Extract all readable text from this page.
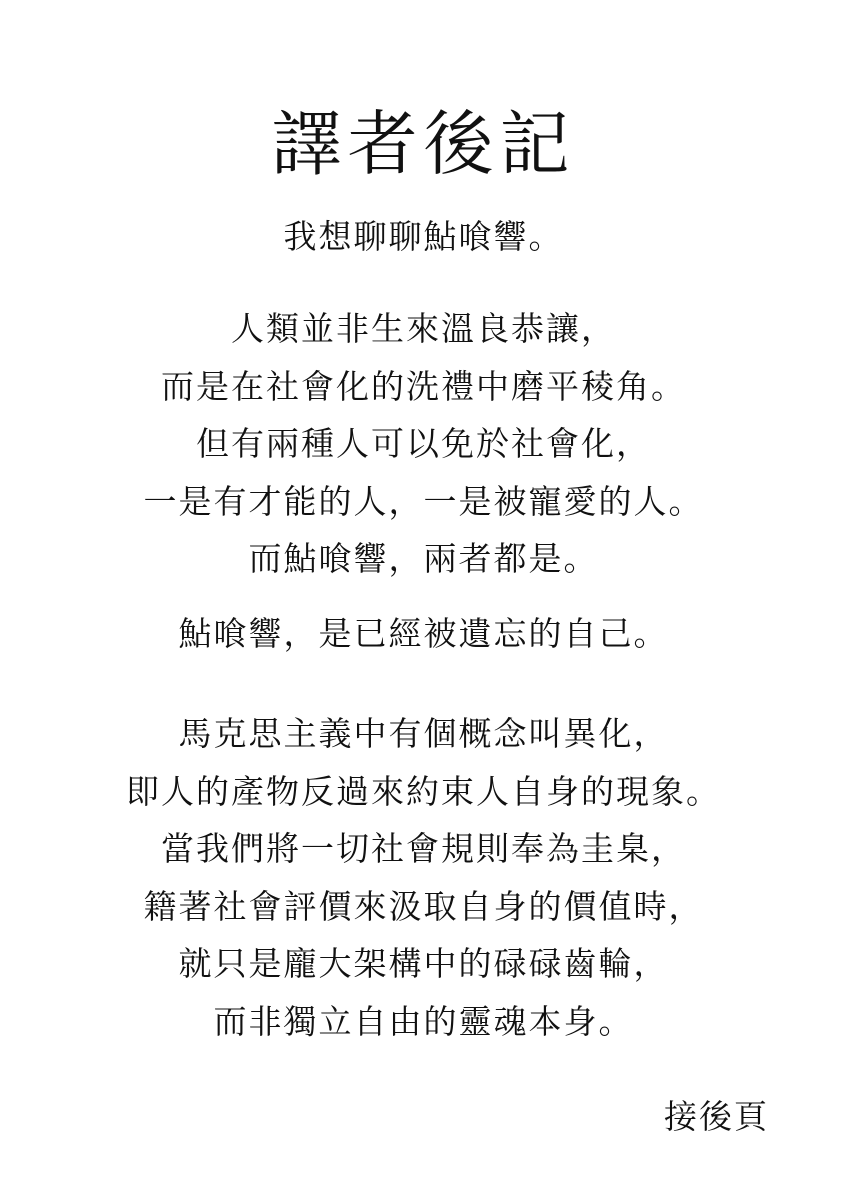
譯者後記
我想聊聊鮎喰響。
人類並非生來溫良恭讓，
而是在社會化的洗禮中磨平稜角。
但有兩種人可以免於社會化，
一是有才能的人，一是被寵愛的人。
而鮎喰響，兩者都是。
鮎喰響，是已經被遺忘的自己。
馬克思主義中有個概念叫異化，
即人的產物反過來約束人自身的現象。
當我們將一切社會規則奉為圭臬，
籍著社會評價來汲取自身的價值時，
就只是龐大架構中的碌碌齒輪，
而非獨立自由的靈魂本身。
接後頁
